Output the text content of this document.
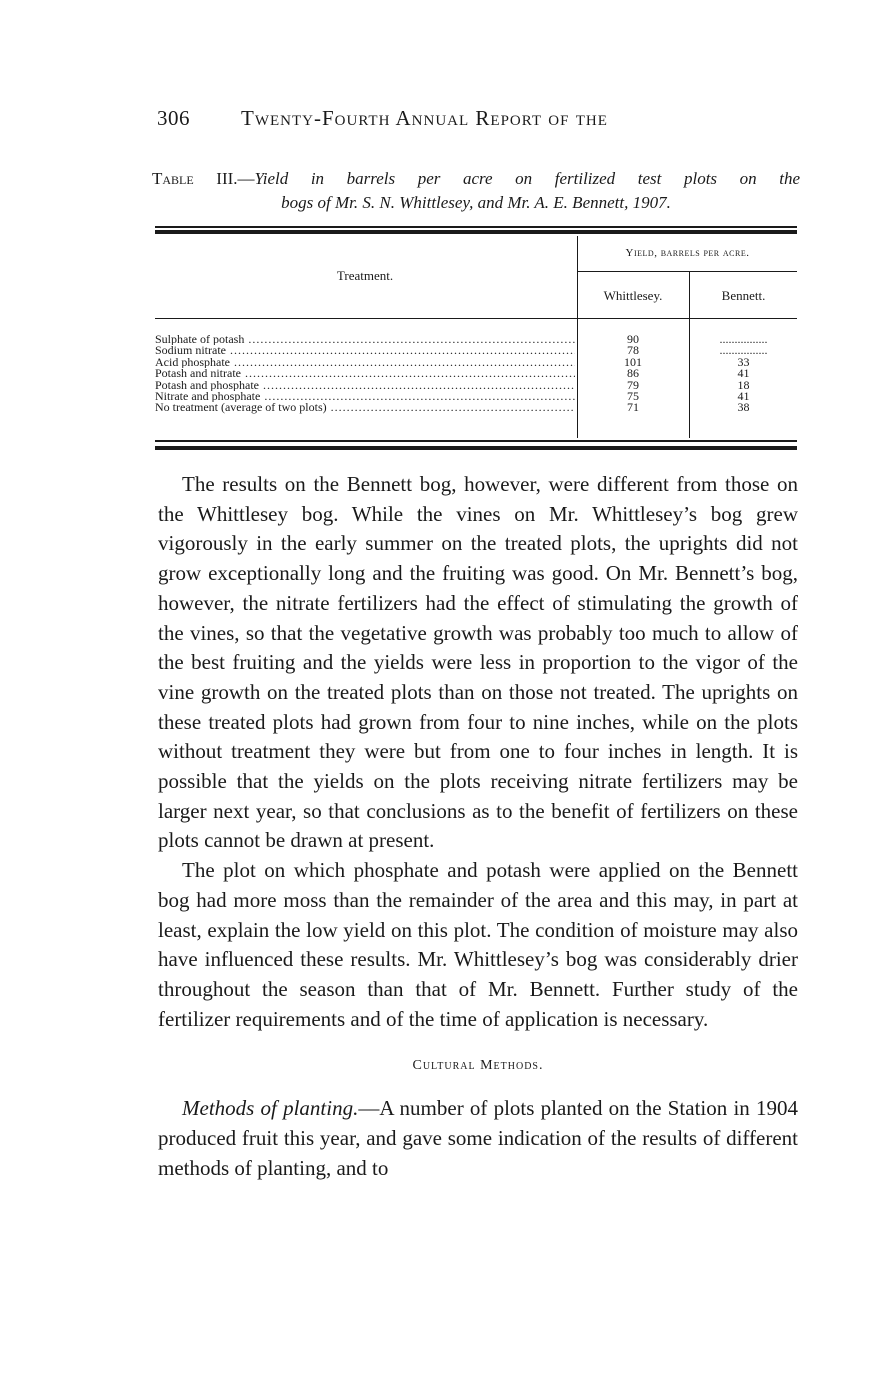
306 Twenty-Fourth Annual Report of the
Table III.—Yield in barrels per acre on fertilized test plots on the
bogs of Mr. S. N. Whittlesey, and Mr. A. E. Bennett, 1907.
Treatment.
Yield, barrels per acre.
Whittlesey.	Bennett.
Sulphate of potash .....	90	................
Sodium nitrate .....	78	................
Acid phosphate .....	101	33
Potash and nitrate .....	86	41
Potash and phosphate .....	79	18
Nitrate and phosphate .....	75	41
No treatment (average of two plots) .....	71	38

The results on the Bennett bog, however, were different from those on the Whittlesey bog. While the vines on Mr. Whittlesey’s bog grew vigorously in the early summer on the treated plots, the uprights did not grow exceptionally long and the fruiting was good. On Mr. Bennett’s bog, however, the nitrate fertilizers had the effect of stimulating the growth of the vines, so that the vegetative growth was probably too much to allow of the best fruiting and the yields were less in proportion to the vigor of the vine growth on the treated plots than on those not treated. The uprights on these treated plots had grown from four to nine inches, while on the plots without treatment they were but from one to four inches in length. It is possible that the yields on the plots receiving nitrate fertilizers may be larger next year, so that conclusions as to the benefit of fertilizers on these plots cannot be drawn at present.

The plot on which phosphate and potash were applied on the Bennett bog had more moss than the remainder of the area and this may, in part at least, explain the low yield on this plot. The condition of moisture may also have influenced these results. Mr. Whittlesey’s bog was considerably drier throughout the season than that of Mr. Bennett. Further study of the fertilizer requirements and of the time of application is necessary.

Cultural Methods.

Methods of planting.—A number of plots planted on the Station in 1904 produced fruit this year, and gave some indication of the results of different methods of planting, and to
